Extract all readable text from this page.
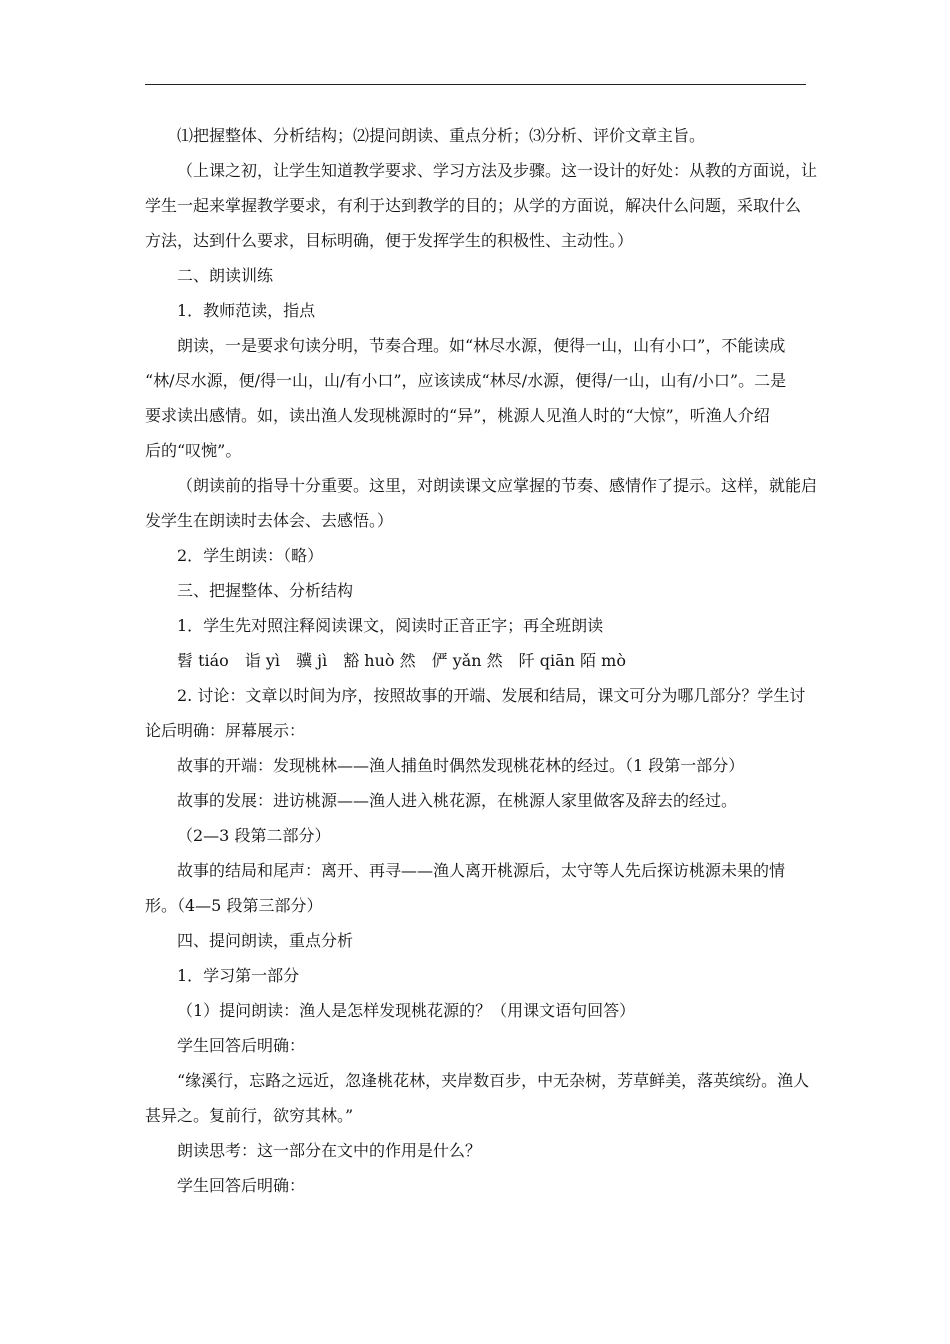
⑴把握整体、分析结构；⑵提问朗读、重点分析；⑶分析、评价文章主旨。
（上课之初，让学生知道教学要求、学习方法及步骤。这一设计的好处：从教的方面说，让
学生一起来掌握教学要求，有利于达到教学的目的；从学的方面说，解决什么问题，采取什么
方法，达到什么要求，目标明确，便于发挥学生的积极性、主动性。）
二、朗读训练
1．教师范读，指点
朗读，一是要求句读分明，节奏合理。如“林尽水源，便得一山，山有小口”，不能读成
“林/尽水源，便/得一山，山/有小口”，应该读成“林尽/水源，便得/一山，山有/小口”。二是
要求读出感情。如，读出渔人发现桃源时的“异”，桃源人见渔人时的“大惊”，听渔人介绍
后的“叹惋”。
（朗读前的指导十分重要。这里，对朗读课文应掌握的节奏、感情作了提示。这样，就能启
发学生在朗读时去体会、去感悟。）
2．学生朗读：（略）
三、把握整体、分析结构
1．学生先对照注释阅读课文，阅读时正音正字；再全班朗读
髫 tiáo　诣 yì　骥 jì　豁 huò 然　俨 yǎn 然　阡 qiān 陌 mò
2. 讨论：文章以时间为序，按照故事的开端、发展和结局，课文可分为哪几部分？学生讨
论后明确：屏幕展示：
故事的开端：发现桃林——渔人捕鱼时偶然发现桃花林的经过。（1 段第一部分）
故事的发展：进访桃源——渔人进入桃花源，在桃源人家里做客及辞去的经过。
（2—3 段第二部分）
故事的结局和尾声：离开、再寻——渔人离开桃源后，太守等人先后探访桃源未果的情
形。（4—5 段第三部分）
四、提问朗读，重点分析
1．学习第一部分
（1）提问朗读：渔人是怎样发现桃花源的？（用课文语句回答）
学生回答后明确：
“缘溪行，忘路之远近，忽逢桃花林，夹岸数百步，中无杂树，芳草鲜美，落英缤纷。渔人
甚异之。复前行，欲穷其林。”
朗读思考：这一部分在文中的作用是什么？
学生回答后明确：
